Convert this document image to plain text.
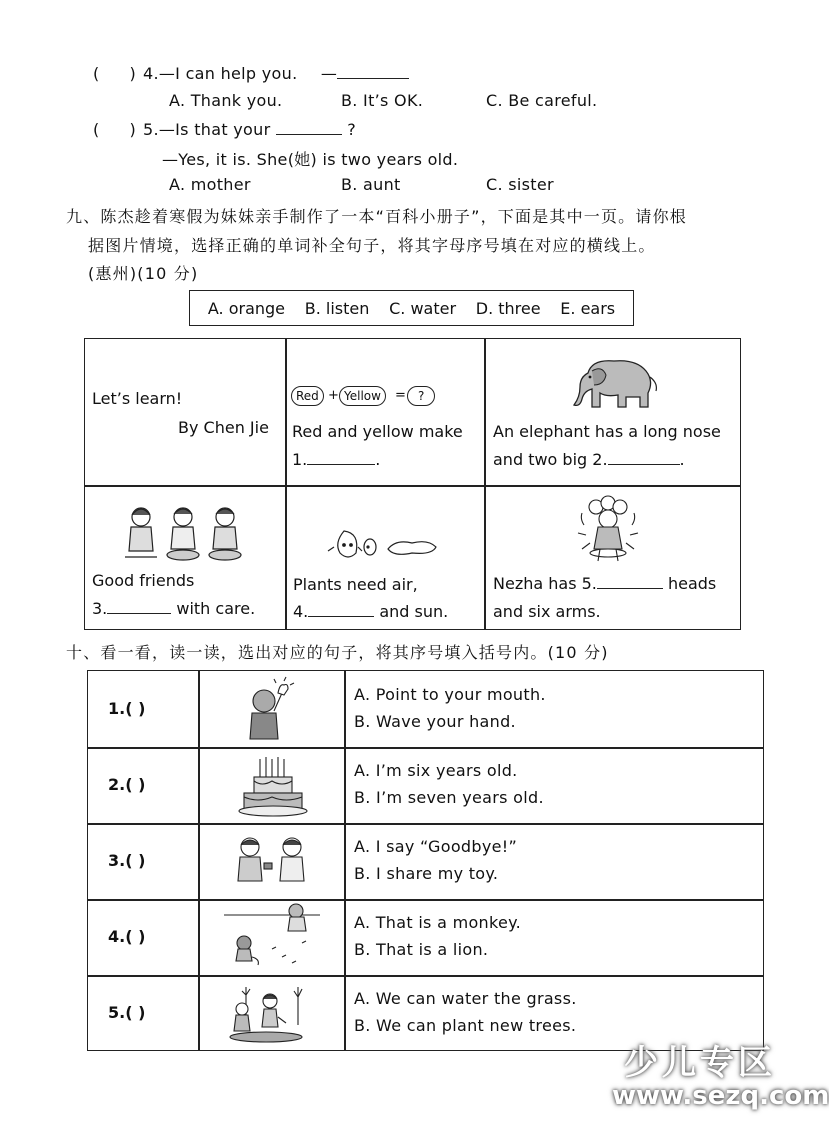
( ) 4.—I can help you. —
A. Thank you.	B. It’s OK.	C. Be careful.
( ) 5.—Is that your	?
—Yes, it is. She(她) is two years old.
A. mother	B. aunt	C. sister
九、陈杰趁着寒假为妹妹亲手制作了一本“百科小册子”，下面是其中一页。请你根
据图片情境，选择正确的单词补全句子，将其字母序号填在对应的横线上。
(惠州)(10 分)
A. orange B. listen C. water D. three E. ears
Let’s learn!
By Chen Jie
Red + Yellow	=	?
Red and yellow make
1.	.
An elephant has a long nose
and two big 2.	.
Good friends
3.	with care.
Plants need air,
4.	and sun.
Nezha has 5.	heads
and six arms.
十、看一看，读一读，选出对应的句子，将其序号填入括号内。(10 分)
1.( )
A. Point to your mouth.
B. Wave your hand.
2.( )
A. I’m six years old.
B. I’m seven years old.
3.( )
A. I say “Goodbye!”
B. I share my toy.
4.( )
A. That is a monkey.
B. That is a lion.
5.( )
A. We can water the grass.
B. We can plant new trees.
少儿专区
www.sezq.com
